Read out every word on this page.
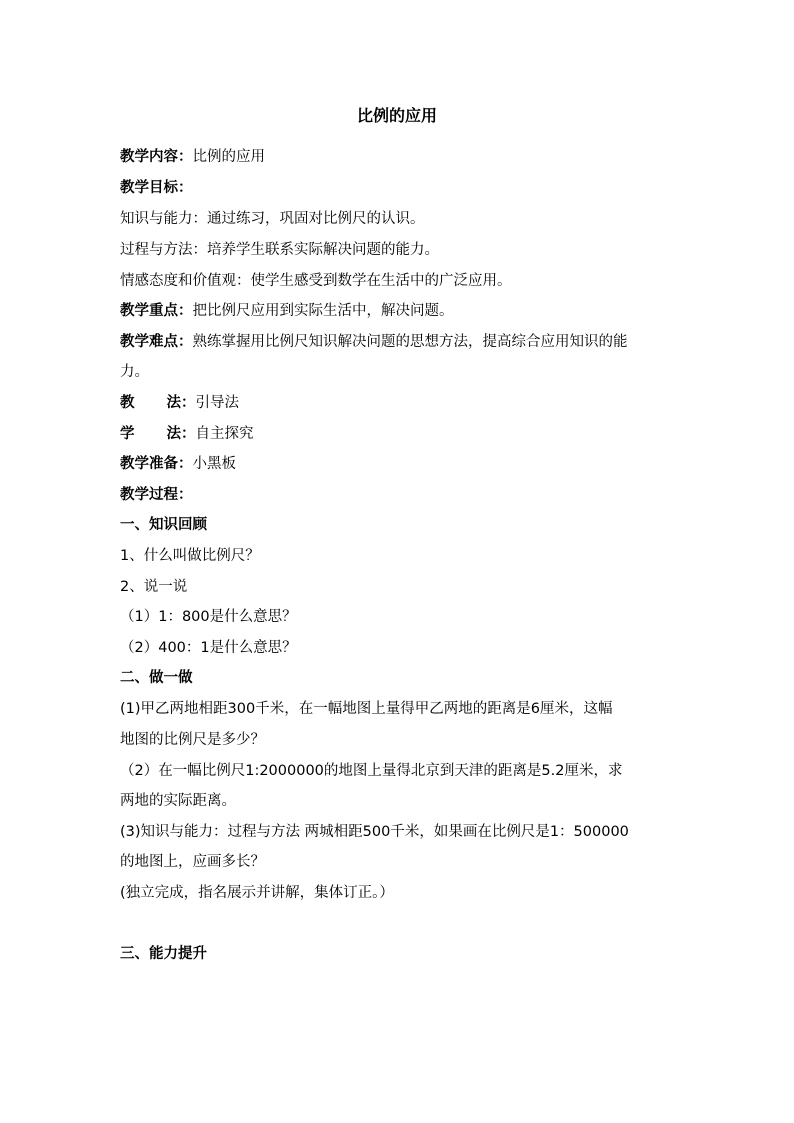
比例的应用
教学内容：比例的应用
教学目标：
知识与能力：通过练习，巩固对比例尺的认识。
过程与方法：培养学生联系实际解决问题的能力。
情感态度和价值观：使学生感受到数学在生活中的广泛应用。
教学重点：把比例尺应用到实际生活中，解决问题。
教学难点：熟练掌握用比例尺知识解决问题的思想方法，提高综合应用知识的能
力。
教 法：引导法
学 法：自主探究
教学准备：小黑板
教学过程：
一、知识回顾
1、什么叫做比例尺？
2、说一说
（1）1：800是什么意思？
（2）400：1是什么意思？
二、做一做
(1)甲乙两地相距300千米，在一幅地图上量得甲乙两地的距离是6厘米，这幅
地图的比例尺是多少？
（2）在一幅比例尺1:2000000的地图上量得北京到天津的距离是5.2厘米，求
两地的实际距离。
(3)知识与能力：过程与方法 两城相距500千米，如果画在比例尺是1：500000
的地图上，应画多长？
(独立完成，指名展示并讲解，集体订正。）
三、能力提升
